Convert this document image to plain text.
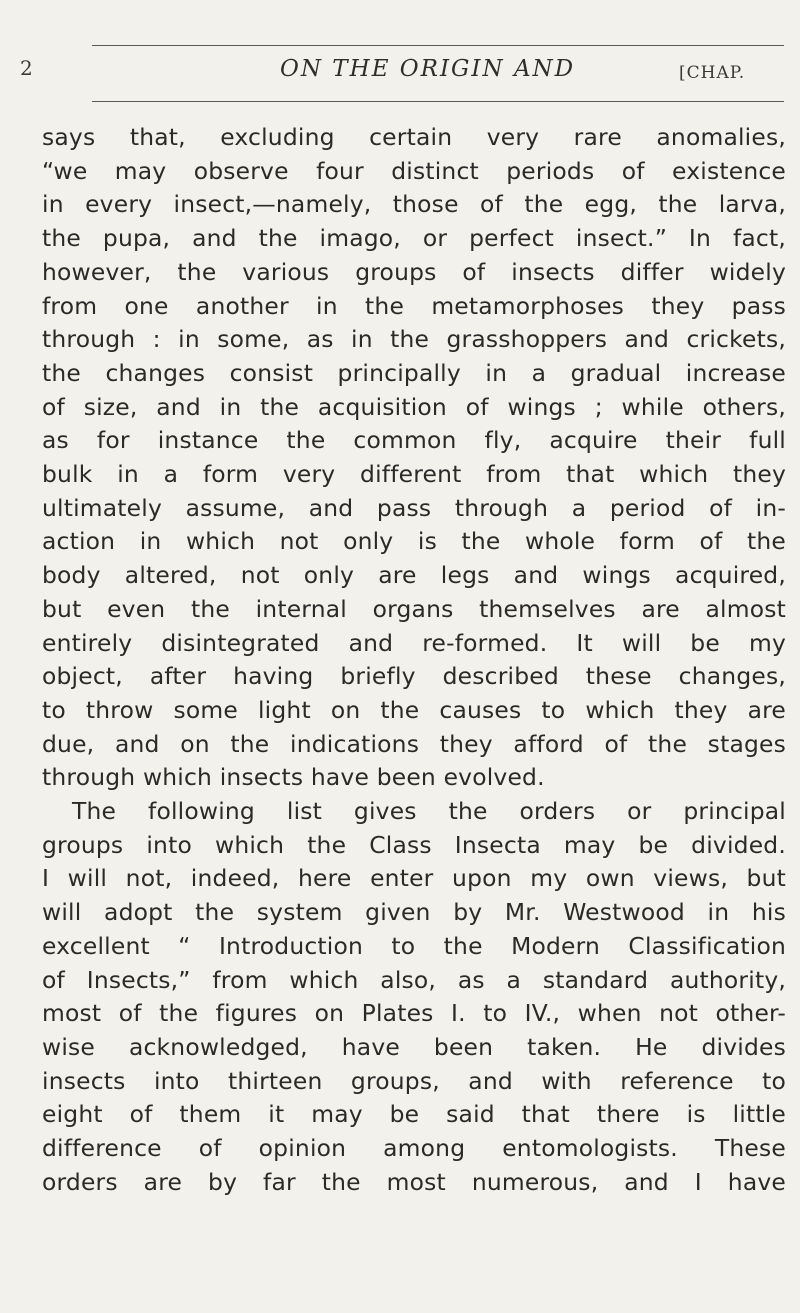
2	ON THE ORIGIN AND	[CHAP.
says that, excluding certain very rare anomalies,
“we may observe four distinct periods of existence
in every insect,—namely, those of the egg, the larva,
the pupa, and the imago, or perfect insect.” In fact,
however, the various groups of insects differ widely
from one another in the metamorphoses they pass
through : in some, as in the grasshoppers and crickets,
the changes consist principally in a gradual increase
of size, and in the acquisition of wings ; while others,
as for instance the common fly, acquire their full
bulk in a form very different from that which they
ultimately assume, and pass through a period of in-
action in which not only is the whole form of the
body altered, not only are legs and wings acquired,
but even the internal organs themselves are almost
entirely disintegrated and re-formed. It will be my
object, after having briefly described these changes,
to throw some light on the causes to which they are
due, and on the indications they afford of the stages
through which insects have been evolved.
The following list gives the orders or principal
groups into which the Class Insecta may be divided.
I will not, indeed, here enter upon my own views, but
will adopt the system given by Mr. Westwood in his
excellent “ Introduction to the Modern Classification
of Insects,” from which also, as a standard authority,
most of the figures on Plates I. to IV., when not other-
wise acknowledged, have been taken. He divides
insects into thirteen groups, and with reference to
eight of them it may be said that there is little
difference of opinion among entomologists. These
orders are by far the most numerous, and I have
